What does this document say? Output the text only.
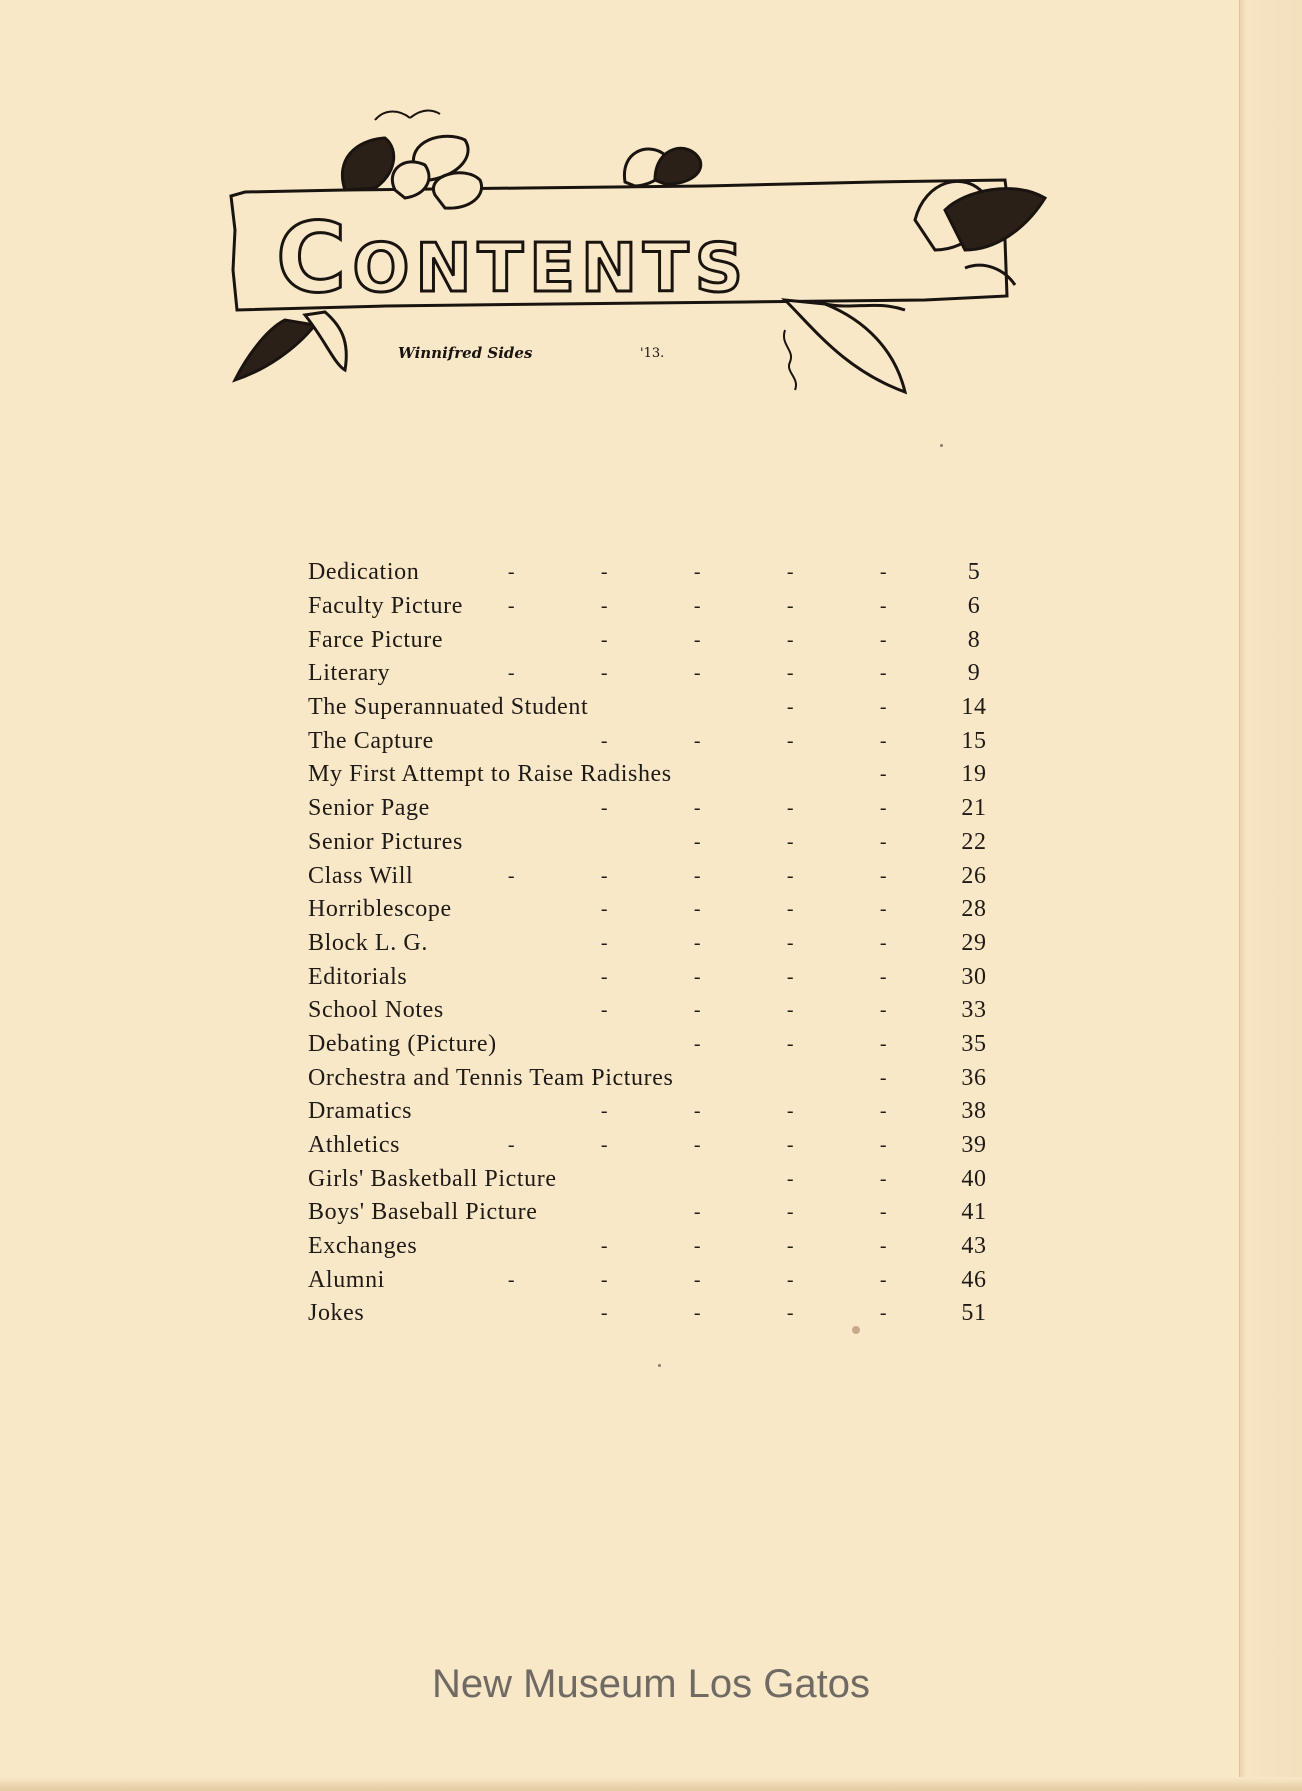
Contents
Winnifred Sides	'13.
Dedication	-	-	-	-	-	5
Faculty Picture	-	-	-	-	-	6
Farce Picture	-	-	-	-	8
Literary	-	-	-	-	-	9
The Superannuated Student	-	-	14
The Capture	-	-	-	-	15
My First Attempt to Raise Radishes	-	19
Senior Page	-	-	-	-	21
Senior Pictures	-	-	-	22
Class Will	-	-	-	-	-	26
Horriblescope	-	-	-	-	28
Block L. G.	-	-	-	-	29
Editorials	-	-	-	-	30
School Notes	-	-	-	-	33
Debating (Picture)	-	-	-	35
Orchestra and Tennis Team Pictures	-	36
Dramatics	-	-	-	-	38
Athletics	-	-	-	-	-	39
Girls' Basketball Picture	-	-	40
Boys' Baseball Picture	-	-	-	41
Exchanges	-	-	-	-	43
Alumni	-	-	-	-	-	46
Jokes	-	-	-	-	51
New Museum Los Gatos
